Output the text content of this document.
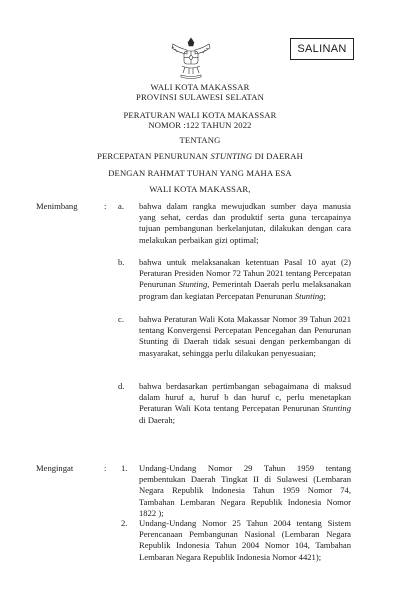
SALINAN
WALI KOTA MAKASSAR
PROVINSI SULAWESI SELATAN
PERATURAN WALI KOTA MAKASSAR
NOMOR :122 TAHUN 2022
TENTANG
PERCEPATAN PENURUNAN STUNTING DI DAERAH
DENGAN RAHMAT TUHAN YANG MAHA ESA
WALI KOTA MAKASSAR,
Menimbang	: a. bahwa dalam rangka mewujudkan sumber daya manusia yang sehat, cerdas dan produktif serta guna tercapainya tujuan pembangunan berkelanjutan, dilakukan dengan cara melakukan perbaikan gizi optimal;
b. bahwa untuk melaksanakan ketentuan Pasal 10 ayat (2) Peraturan Presiden Nomor 72 Tahun 2021 tentang Percepatan Penurunan Stunting, Pemerintah Daerah perlu melaksanakan program dan kegiatan Percepatan Penurunan Stunting;
c. bahwa Peraturan Wali Kota Makassar Nomor 39 Tahun 2021 tentang Konvergensi Percepatan Pencegahan dan Penurunan Stunting di Daerah tidak sesuai dengan perkembangan di masyarakat, sehingga perlu dilakukan penyesuaian;
d. bahwa berdasarkan pertimbangan sebagaimana di maksud dalam huruf a, huruf b dan huruf c, perlu menetapkan Peraturan Wali Kota tentang Percepatan Penurunan Stunting di Daerah;
Mengingat	: 1. Undang-Undang Nomor 29 Tahun 1959 tentang pembentukan Daerah Tingkat II di Sulawesi (Lembaran Negara Republik Indonesia Tahun 1959 Nomor 74, Tambahan Lembaran Negara Republik Indonesia Nomor 1822 );
2. Undang-Undang Nomor 25 Tahun 2004 tentang Sistem Perencanaan Pembangunan Nasional (Lembaran Negara Republik Indonesia Tahun 2004 Nomor 104, Tambahan Lembaran Negara Republik Indonesia Nomor 4421);
